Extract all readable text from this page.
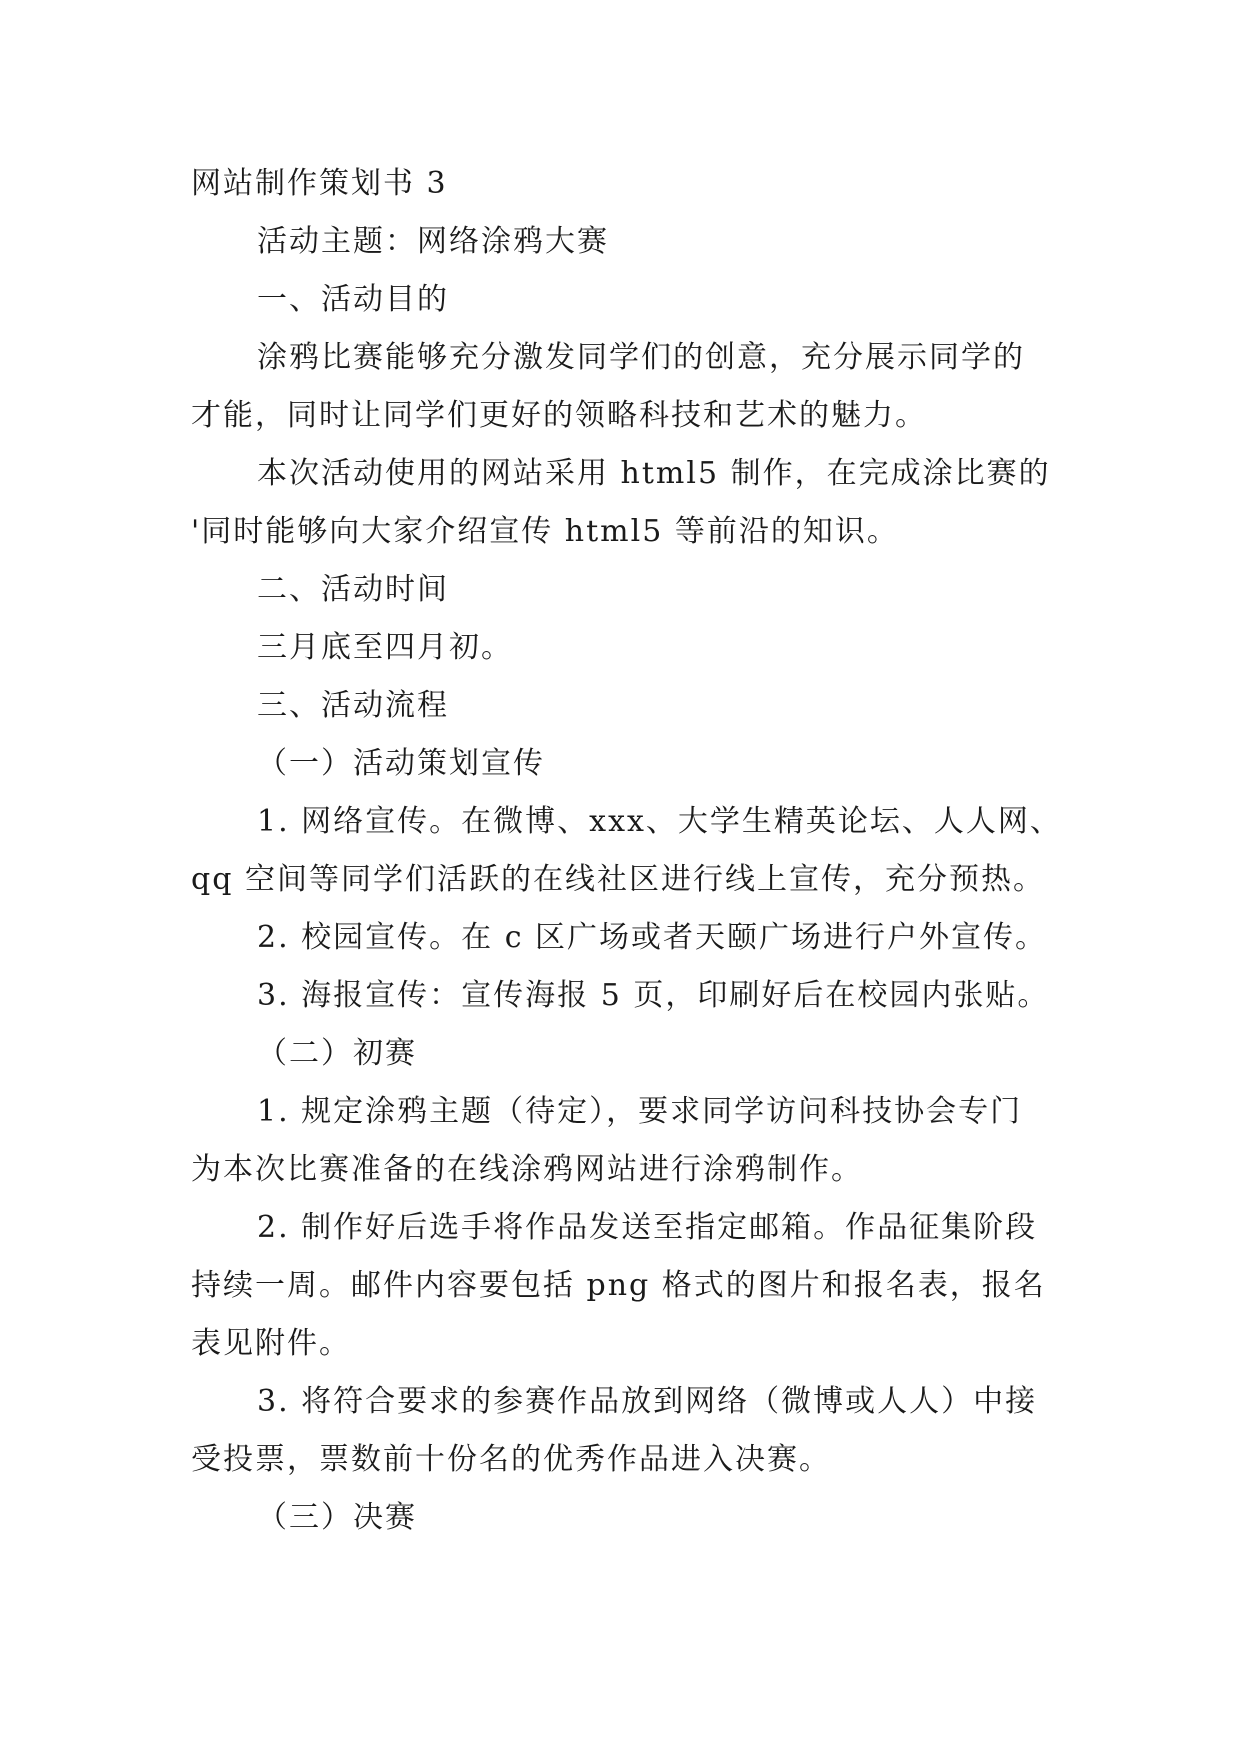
网站制作策划书 3
活动主题：网络涂鸦大赛
一、活动目的
涂鸦比赛能够充分激发同学们的创意，充分展示同学的
才能，同时让同学们更好的领略科技和艺术的魅力。
本次活动使用的网站采用 html5 制作，在完成涂比赛的
'同时能够向大家介绍宣传 html5 等前沿的知识。
二、活动时间
三月底至四月初。
三、活动流程
（一）活动策划宣传
1. 网络宣传。在微博、xxx、大学生精英论坛、人人网、
qq 空间等同学们活跃的在线社区进行线上宣传，充分预热。
2. 校园宣传。在 c 区广场或者天颐广场进行户外宣传。
3. 海报宣传：宣传海报 5 页，印刷好后在校园内张贴。
（二）初赛
1. 规定涂鸦主题（待定），要求同学访问科技协会专门
为本次比赛准备的在线涂鸦网站进行涂鸦制作。
2. 制作好后选手将作品发送至指定邮箱。作品征集阶段
持续一周。邮件内容要包括 png 格式的图片和报名表，报名
表见附件。
3. 将符合要求的参赛作品放到网络（微博或人人）中接
受投票，票数前十份名的优秀作品进入决赛。
（三）决赛
